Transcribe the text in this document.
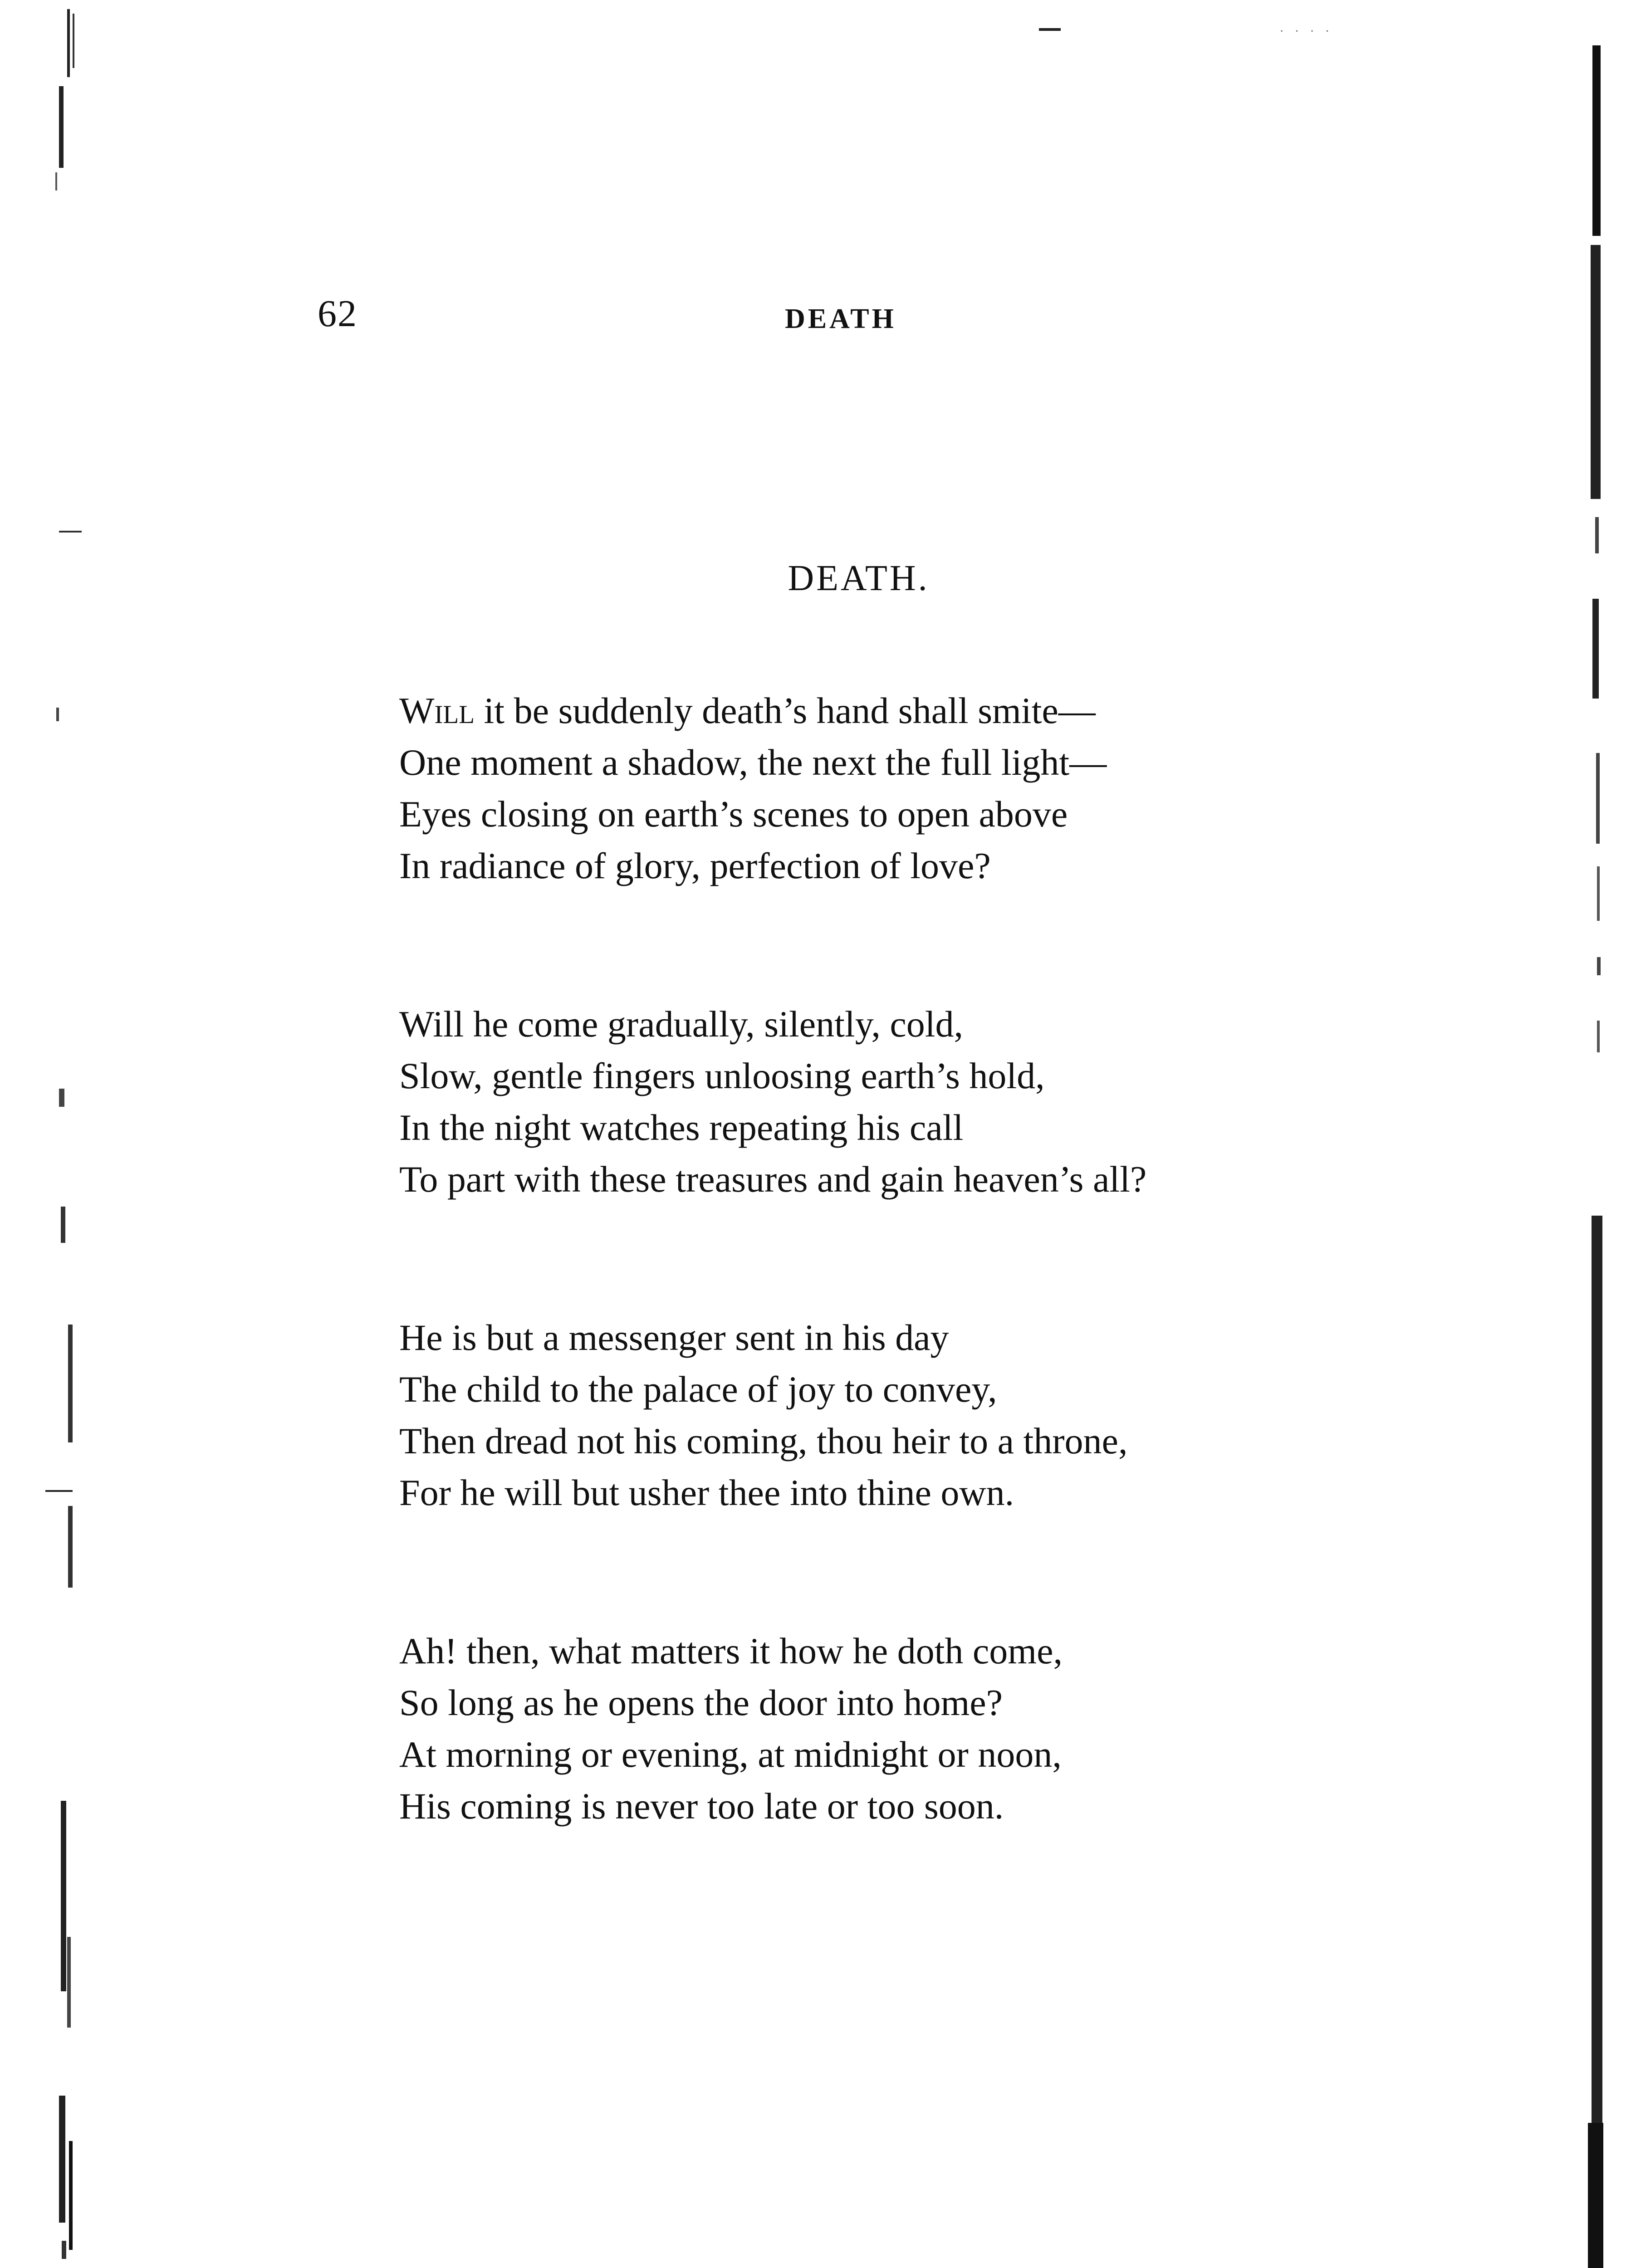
· · · ·
62	DEATH
DEATH.
Will it be suddenly death’s hand shall smite—
One moment a shadow, the next the full light—
Eyes closing on earth’s scenes to open above
In radiance of glory, perfection of love?
Will he come gradually, silently, cold,
Slow, gentle fingers unloosing earth’s hold,
In the night watches repeating his call
To part with these treasures and gain heaven’s all?
He is but a messenger sent in his day
The child to the palace of joy to convey,
Then dread not his coming, thou heir to a throne,
For he will but usher thee into thine own.
Ah! then, what matters it how he doth come,
So long as he opens the door into home?
At morning or evening, at midnight or noon,
His coming is never too late or too soon.
